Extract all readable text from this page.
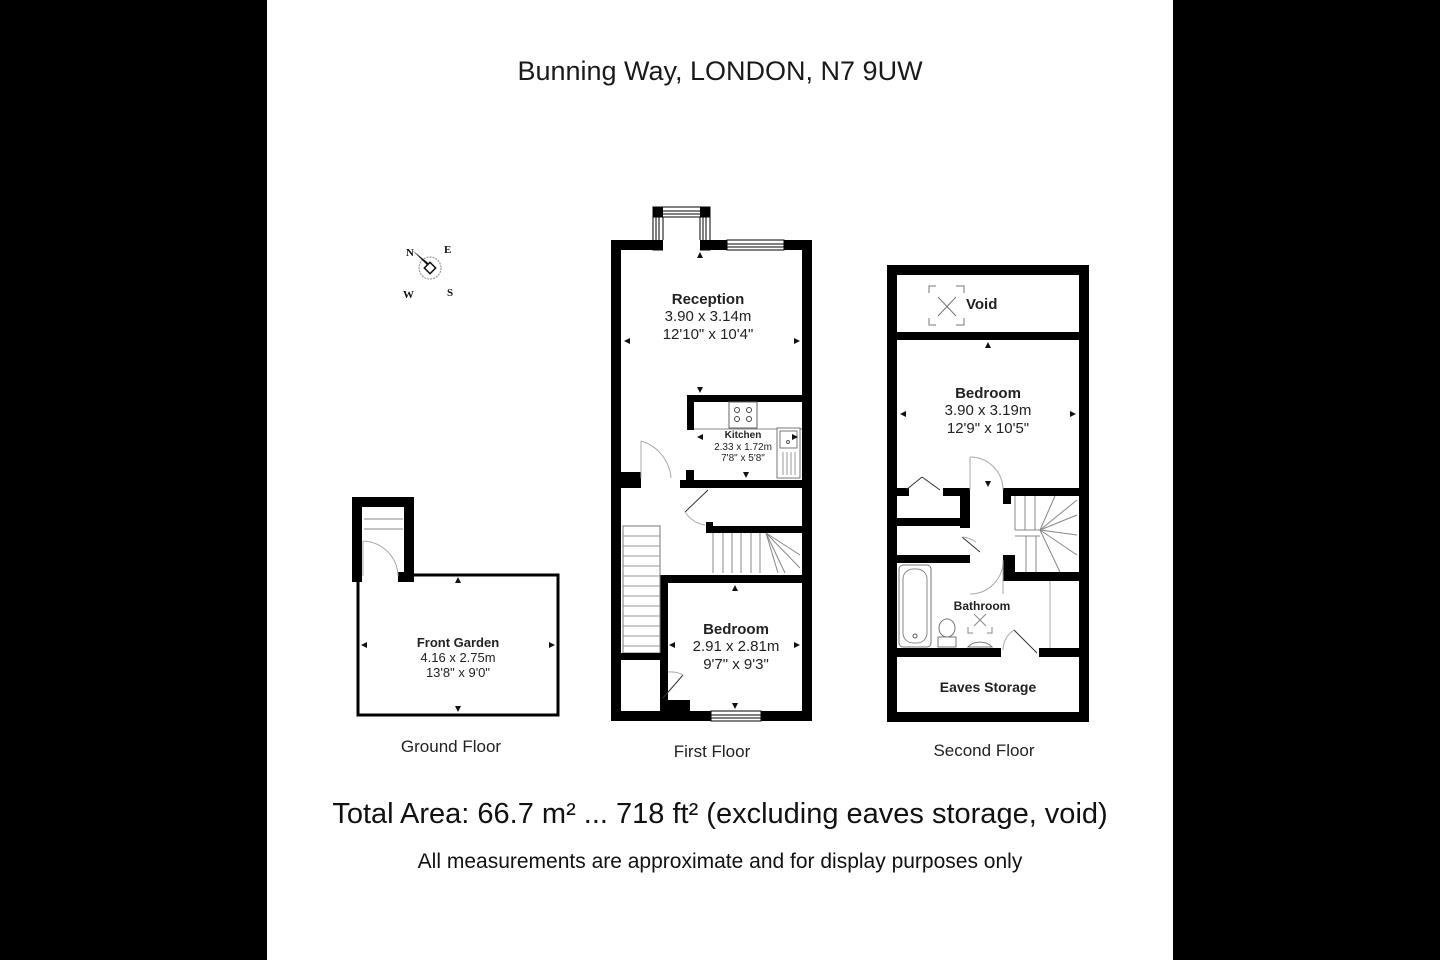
Bunning Way, LONDON, N7 9UW
N	E
S
W	Reception
3.90 x 3.14m
12'10" x 10'4"
Kitchen
2.33 x 1.72m
7'8" x 5'8"
Bedroom
2.91 x 2.81m
9'7" x 9'3"
Front Garden
4.16 x 2.75m
13'8" x 9'0"
Void
Bedroom
3.90 x 3.19m
12'9" x 10'5"
Bathroom
Eaves Storage
Ground Floor	First Floor	Second Floor
Total Area: 66.7 m² ... 718 ft² (excluding eaves storage, void)
All measurements are approximate and for display purposes only
